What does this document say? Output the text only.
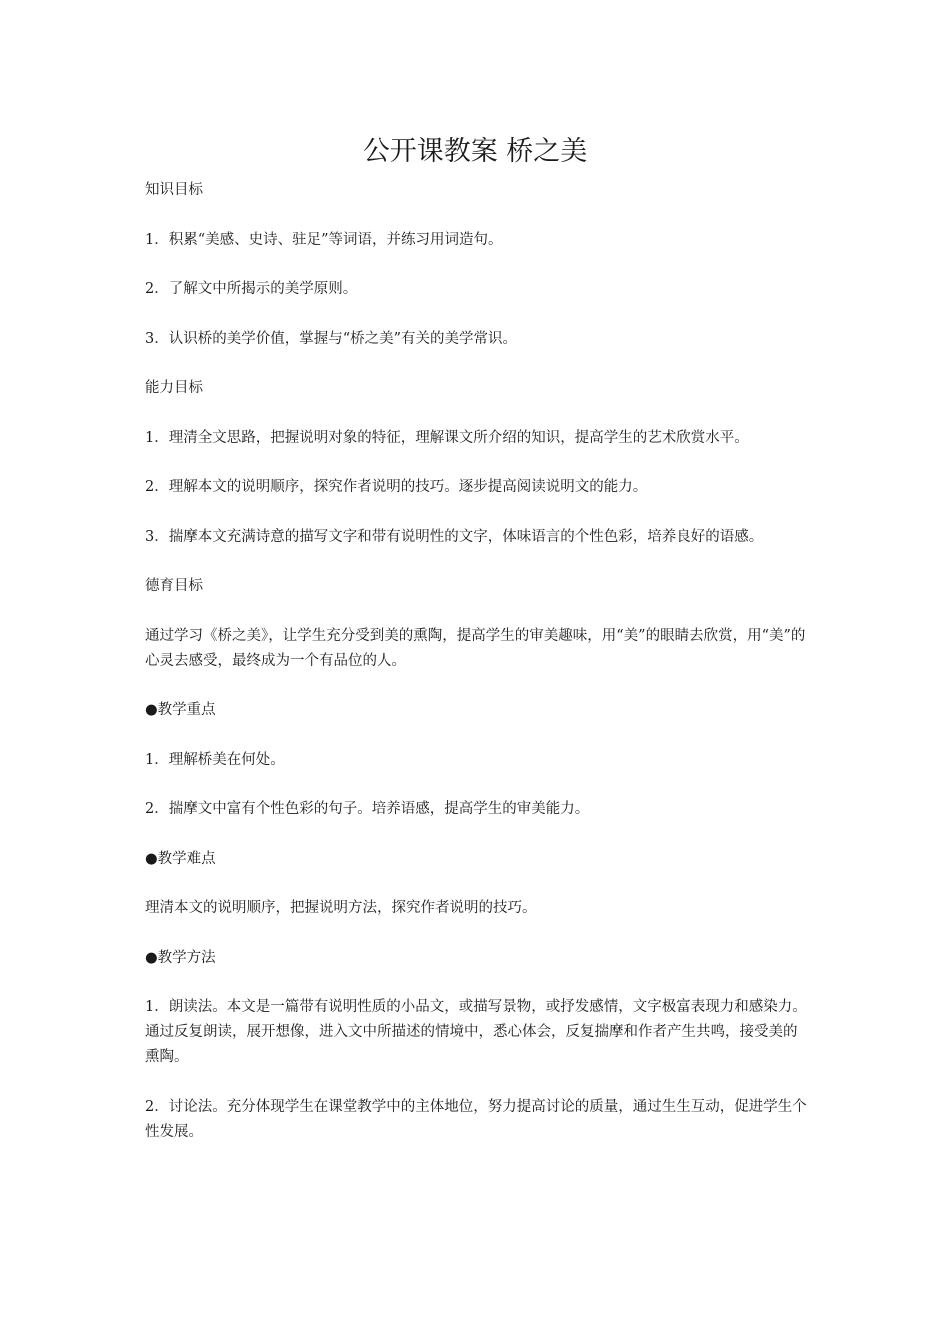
公开课教案 桥之美

知识目标

1．积累“美感、史诗、驻足”等词语，并练习用词造句。

2．了解文中所揭示的美学原则。

3．认识桥的美学价值，掌握与“桥之美”有关的美学常识。

能力目标

1．理清全文思路，把握说明对象的特征，理解课文所介绍的知识，提高学生的艺术欣赏水平。

2．理解本文的说明顺序，探究作者说明的技巧。逐步提高阅读说明文的能力。

3．揣摩本文充满诗意的描写文字和带有说明性的文字，体味语言的个性色彩，培养良好的语感。

德育目标

通过学习《桥之美》，让学生充分受到美的熏陶，提高学生的审美趣味，用“美”的眼睛去欣赏，用“美”的心灵去感受，最终成为一个有品位的人。

●教学重点

1．理解桥美在何处。

2．揣摩文中富有个性色彩的句子。培养语感，提高学生的审美能力。

●教学难点

理清本文的说明顺序，把握说明方法，探究作者说明的技巧。

●教学方法

1．朗读法。本文是一篇带有说明性质的小品文，或描写景物，或抒发感情，文字极富表现力和感染力。通过反复朗读，展开想像，进入文中所描述的情境中，悉心体会，反复揣摩和作者产生共鸣，接受美的熏陶。

2．讨论法。充分体现学生在课堂教学中的主体地位，努力提高讨论的质量，通过生生互动，促进学生个性发展。
